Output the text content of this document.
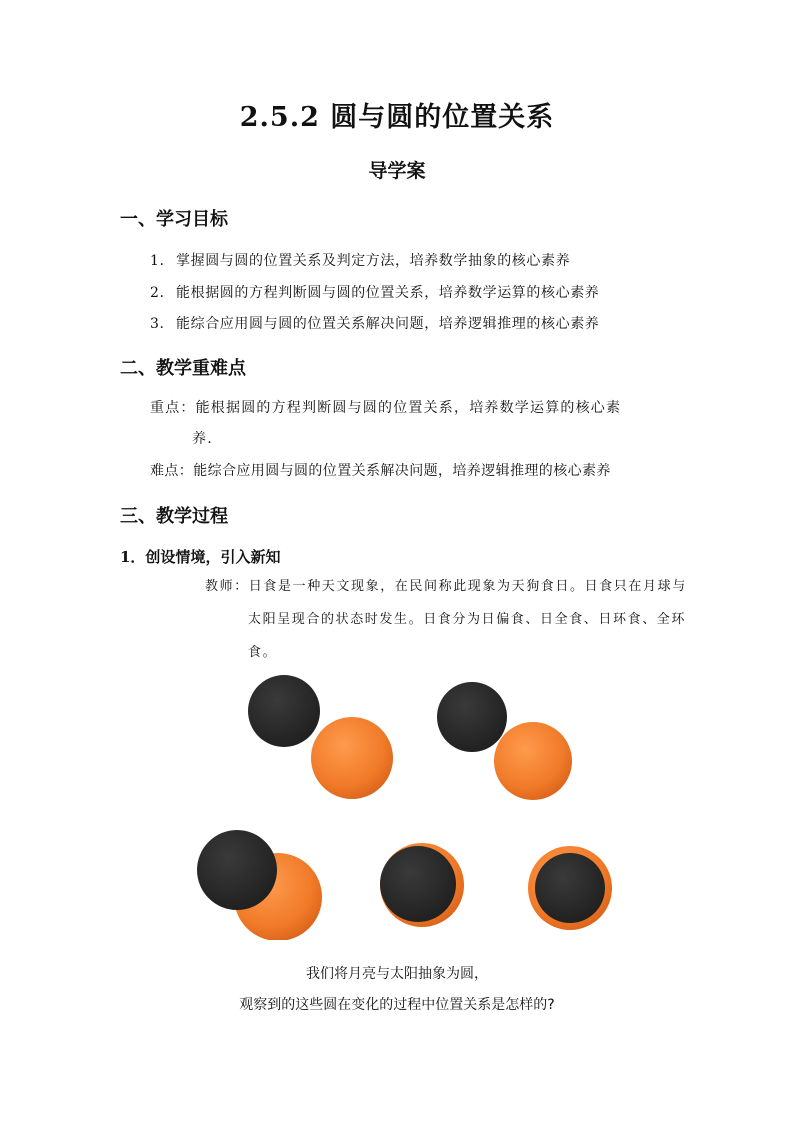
2.5.2 圆与圆的位置关系
导学案
一、学习目标
1. 掌握圆与圆的位置关系及判定方法，培养数学抽象的核心素养
2. 能根据圆的方程判断圆与圆的位置关系，培养数学运算的核心素养
3. 能综合应用圆与圆的位置关系解决问题，培养逻辑推理的核心素养
二、教学重难点
重点：能根据圆的方程判断圆与圆的位置关系，培养数学运算的核心素
养.
难点：能综合应用圆与圆的位置关系解决问题，培养逻辑推理的核心素养
三、教学过程
1．创设情境，引入新知
教师：日食是一种天文现象，在民间称此现象为天狗食日。日食只在月球与
太阳呈现合的状态时发生。日食分为日偏食、日全食、日环食、全环
食。
我们将月亮与太阳抽象为圆，
观察到的这些圆在变化的过程中位置关系是怎样的?
